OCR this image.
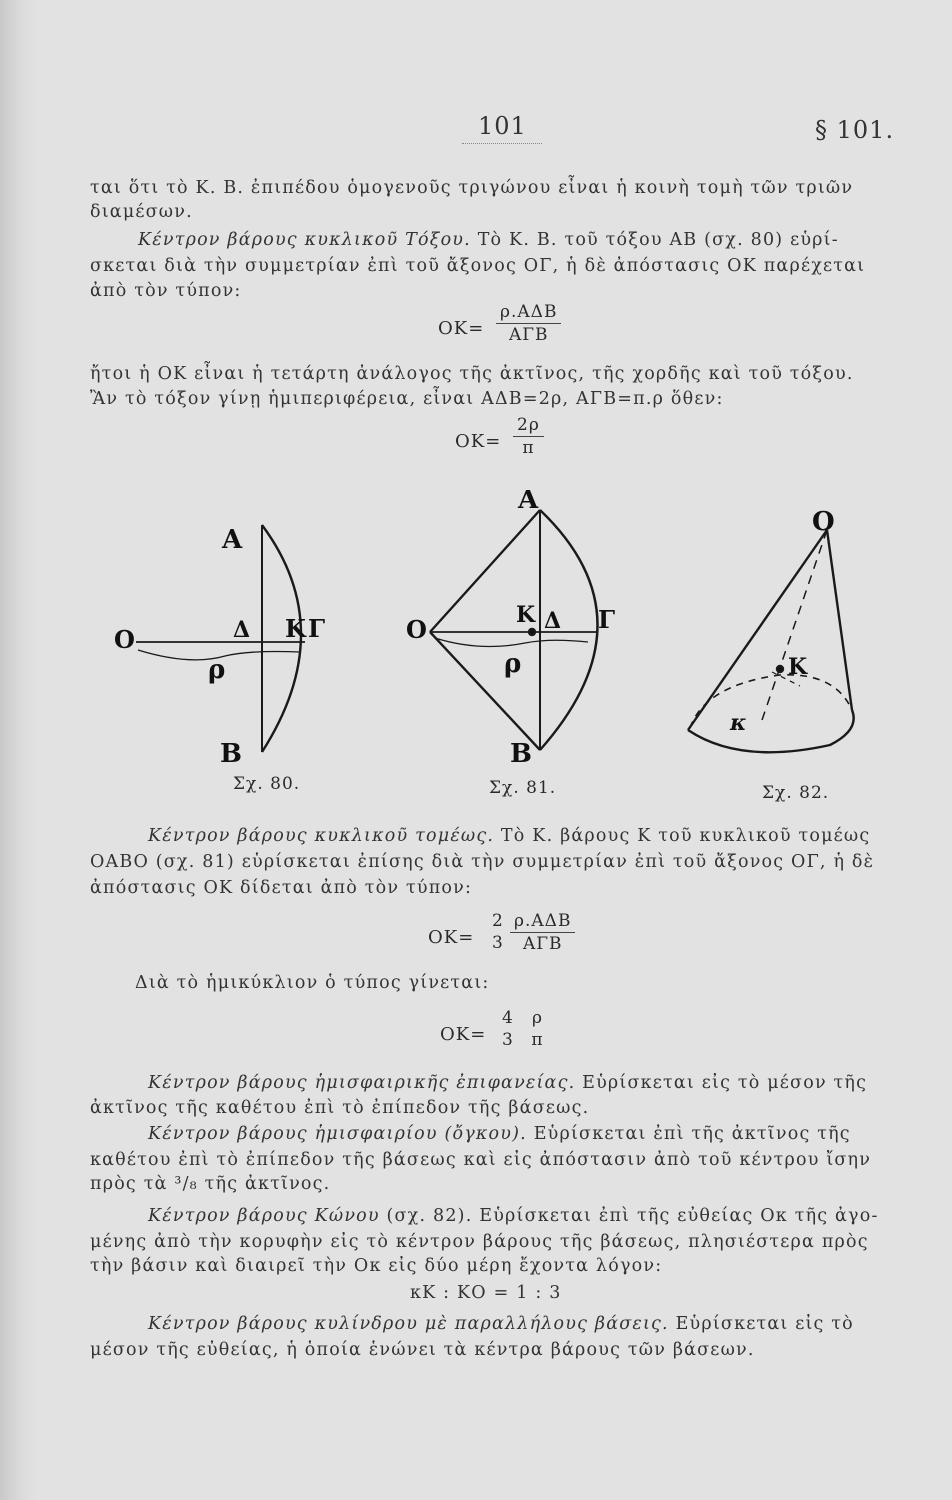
101	§ 101.
ται ὅτι τὸ Κ. Β. ἐπιπέδου ὁμογενοῦς τριγώνου εἶναι ἡ κοινὴ τομὴ τῶν τριῶν
διαμέσων.
Κέντρον βάρους κυκλικοῦ Τόξου. Τὸ Κ. Β. τοῦ τόξου ΑΒ (σχ. 80) εὑρί-
σκεται διὰ τὴν συμμετρίαν ἐπὶ τοῦ ἄξονος ΟΓ, ἡ δὲ ἀπόστασις ΟΚ παρέχεται
ἀπὸ τὸν τύπον:
ΟΚ=
ρ.ΑΔΒ
ΑΓΒ
ἤτοι ἡ ΟΚ εἶναι ἡ τετάρτη ἀνάλογος τῆς ἀκτῖνος, τῆς χορδῆς καὶ τοῦ τόξου.
Ἂν τὸ τόξον γίνῃ ἡμιπεριφέρεια, εἶναι ΑΔΒ=2ρ, ΑΓΒ=π.ρ ὅθεν:
$OK= \frac{2\rho}{\pi}$
Α
Β
Ο	Δ Κ Γ
ρ
Α
Β
Ο	Κ Δ Γ
ρ
Ο
Κ
κ
Σχ. 80.	Σχ. 81.	Σχ. 82.
Κέντρον βάρους κυκλικοῦ τομέως. Τὸ Κ. βάρους Κ τοῦ κυκλικοῦ τομέως
ΟΑΒΟ (σχ. 81) εὑρίσκεται ἐπίσης διὰ τὴν συμμετρίαν ἐπὶ τοῦ ἄξονος ΟΓ, ἡ δὲ
ἀπόστασις ΟΚ δίδεται ἀπὸ τὸν τύπον:
ΟΚ=
2
3
ρ.ΑΔΒ
ΑΓΒ
Διὰ τὸ ἡμικύκλιον ὁ τύπος γίνεται:
ΟΚ=
4
3
ρ
π
Κέντρον βάρους ἡμισφαιρικῆς ἐπιφανείας. Εὑρίσκεται εἰς τὸ μέσον τῆς
ἀκτῖνος τῆς καθέτου ἐπὶ τὸ ἐπίπεδον τῆς βάσεως.
Κέντρον βάρους ἡμισφαιρίου (ὄγκου). Εὑρίσκεται ἐπὶ τῆς ἀκτῖνος τῆς
καθέτου ἐπὶ τὸ ἐπίπεδον τῆς βάσεως καὶ εἰς ἀπόστασιν ἀπὸ τοῦ κέντρου ἴσην
πρὸς τὰ ³/₈ τῆς ἀκτῖνος.
Κέντρον βάρους Κώνου (σχ. 82). Εὑρίσκεται ἐπὶ τῆς εὐθείας Οκ τῆς ἀγο-
μένης ἀπὸ τὴν κορυφὴν εἰς τὸ κέντρον βάρους τῆς βάσεως, πλησιέστερα πρὸς
τὴν βάσιν καὶ διαιρεῖ τὴν Οκ εἰς δύο μέρη ἔχοντα λόγον:
κΚ : ΚΟ = 1 : 3
Κέντρον βάρους κυλίνδρου μὲ παραλλήλους βάσεις. Εὑρίσκεται εἰς τὸ
μέσον τῆς εὐθείας, ἡ ὁποία ἑνώνει τὰ κέντρα βάρους τῶν βάσεων.
